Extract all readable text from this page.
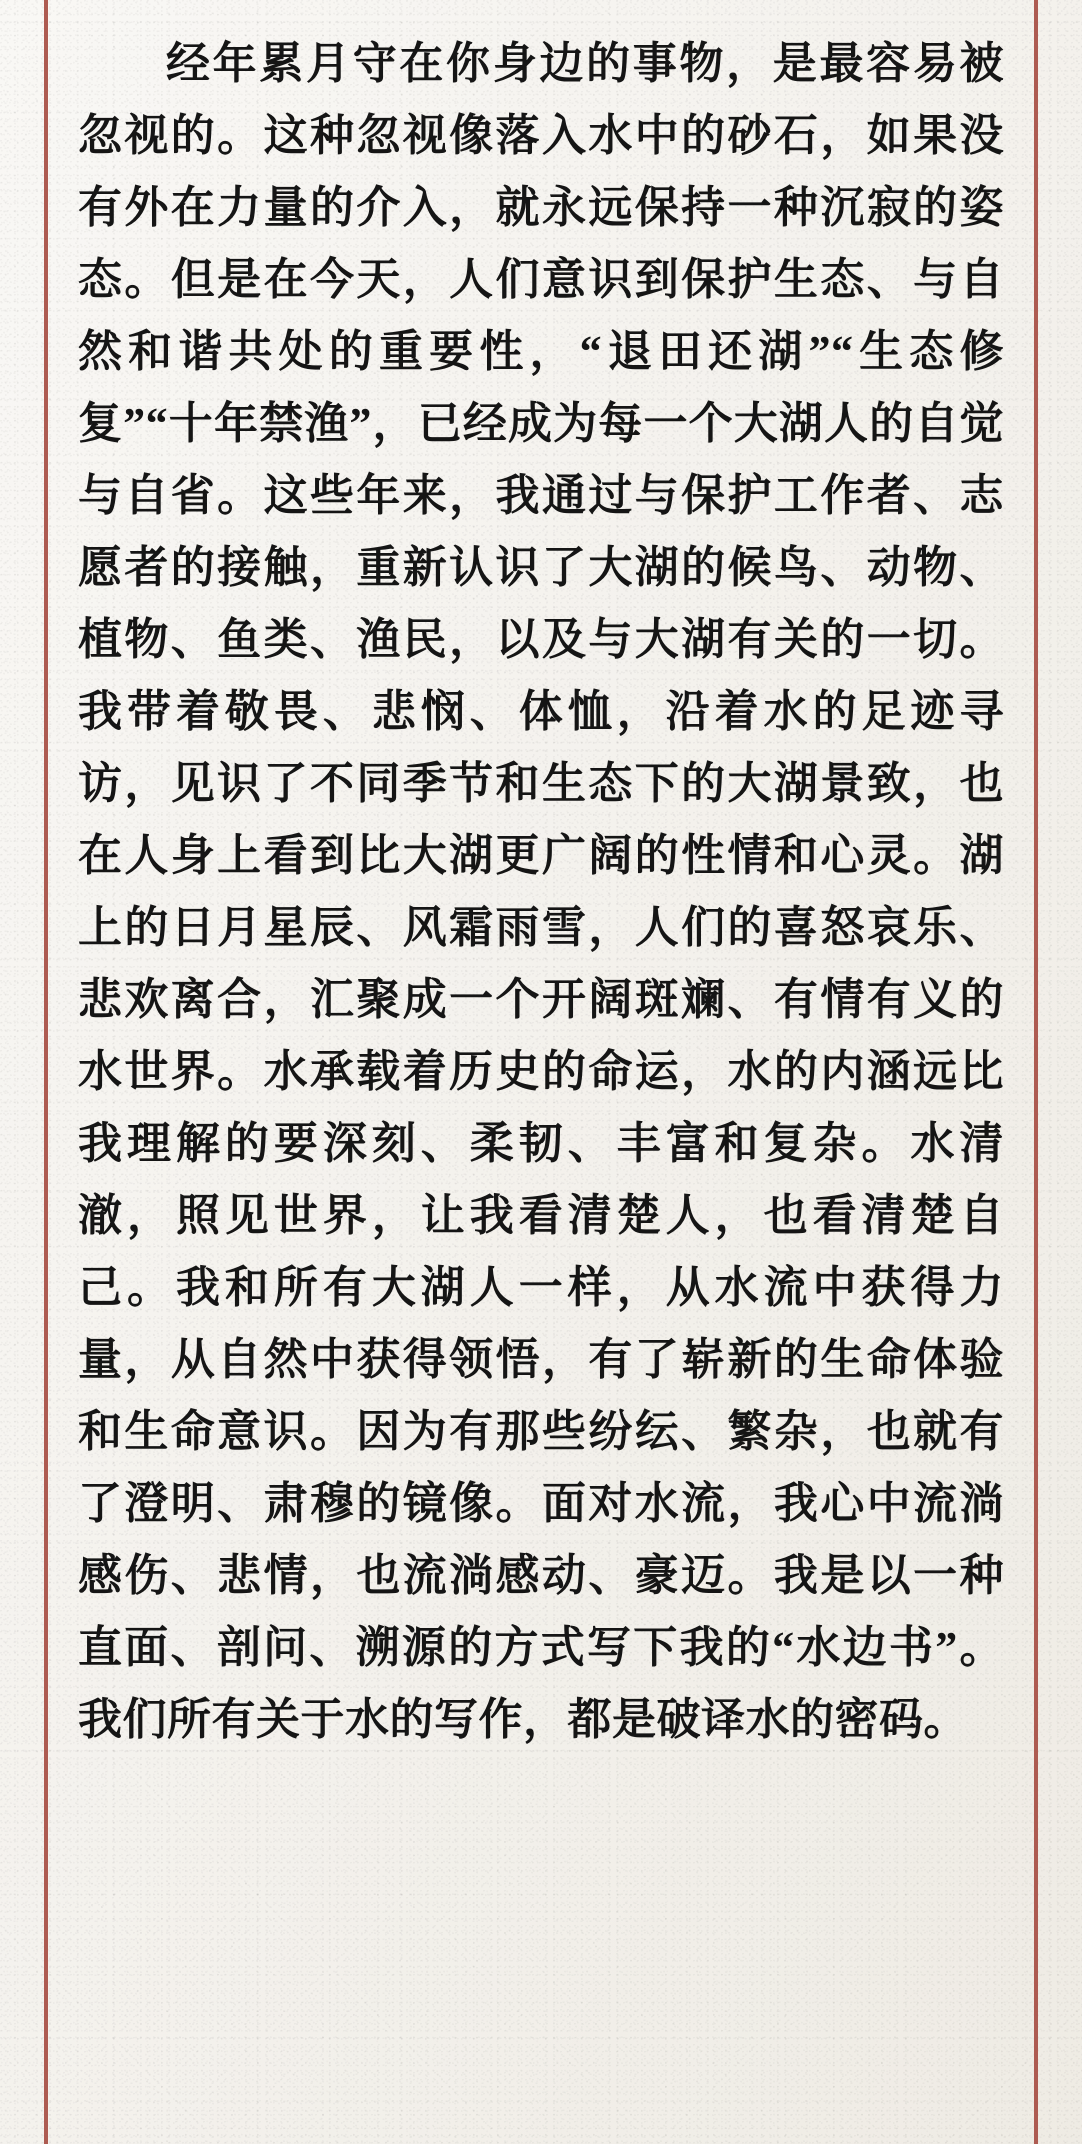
经年累月守在你身边的事物，是最容易被忽视的。这种忽视像落入水中的砂石，如果没有外在力量的介入，就永远保持一种沉寂的姿态。但是在今天，人们意识到保护生态、与自然和谐共处的重要性，“退田还湖”“生态修复”“十年禁渔”，已经成为每一个大湖人的自觉与自省。这些年来，我通过与保护工作者、志愿者的接触，重新认识了大湖的候鸟、动物、植物、鱼类、渔民，以及与大湖有关的一切。我带着敬畏、悲悯、体恤，沿着水的足迹寻访，见识了不同季节和生态下的大湖景致，也在人身上看到比大湖更广阔的性情和心灵。湖上的日月星辰、风霜雨雪，人们的喜怒哀乐、悲欢离合，汇聚成一个开阔斑斓、有情有义的水世界。水承载着历史的命运，水的内涵远比我理解的要深刻、柔韧、丰富和复杂。水清澈，照见世界，让我看清楚人，也看清楚自己。我和所有大湖人一样，从水流中获得力量，从自然中获得领悟，有了崭新的生命体验和生命意识。因为有那些纷纭、繁杂，也就有了澄明、肃穆的镜像。面对水流，我心中流淌感伤、悲情，也流淌感动、豪迈。我是以一种直面、剖问、溯源的方式写下我的“水边书”。我们所有关于水的写作，都是破译水的密码。
